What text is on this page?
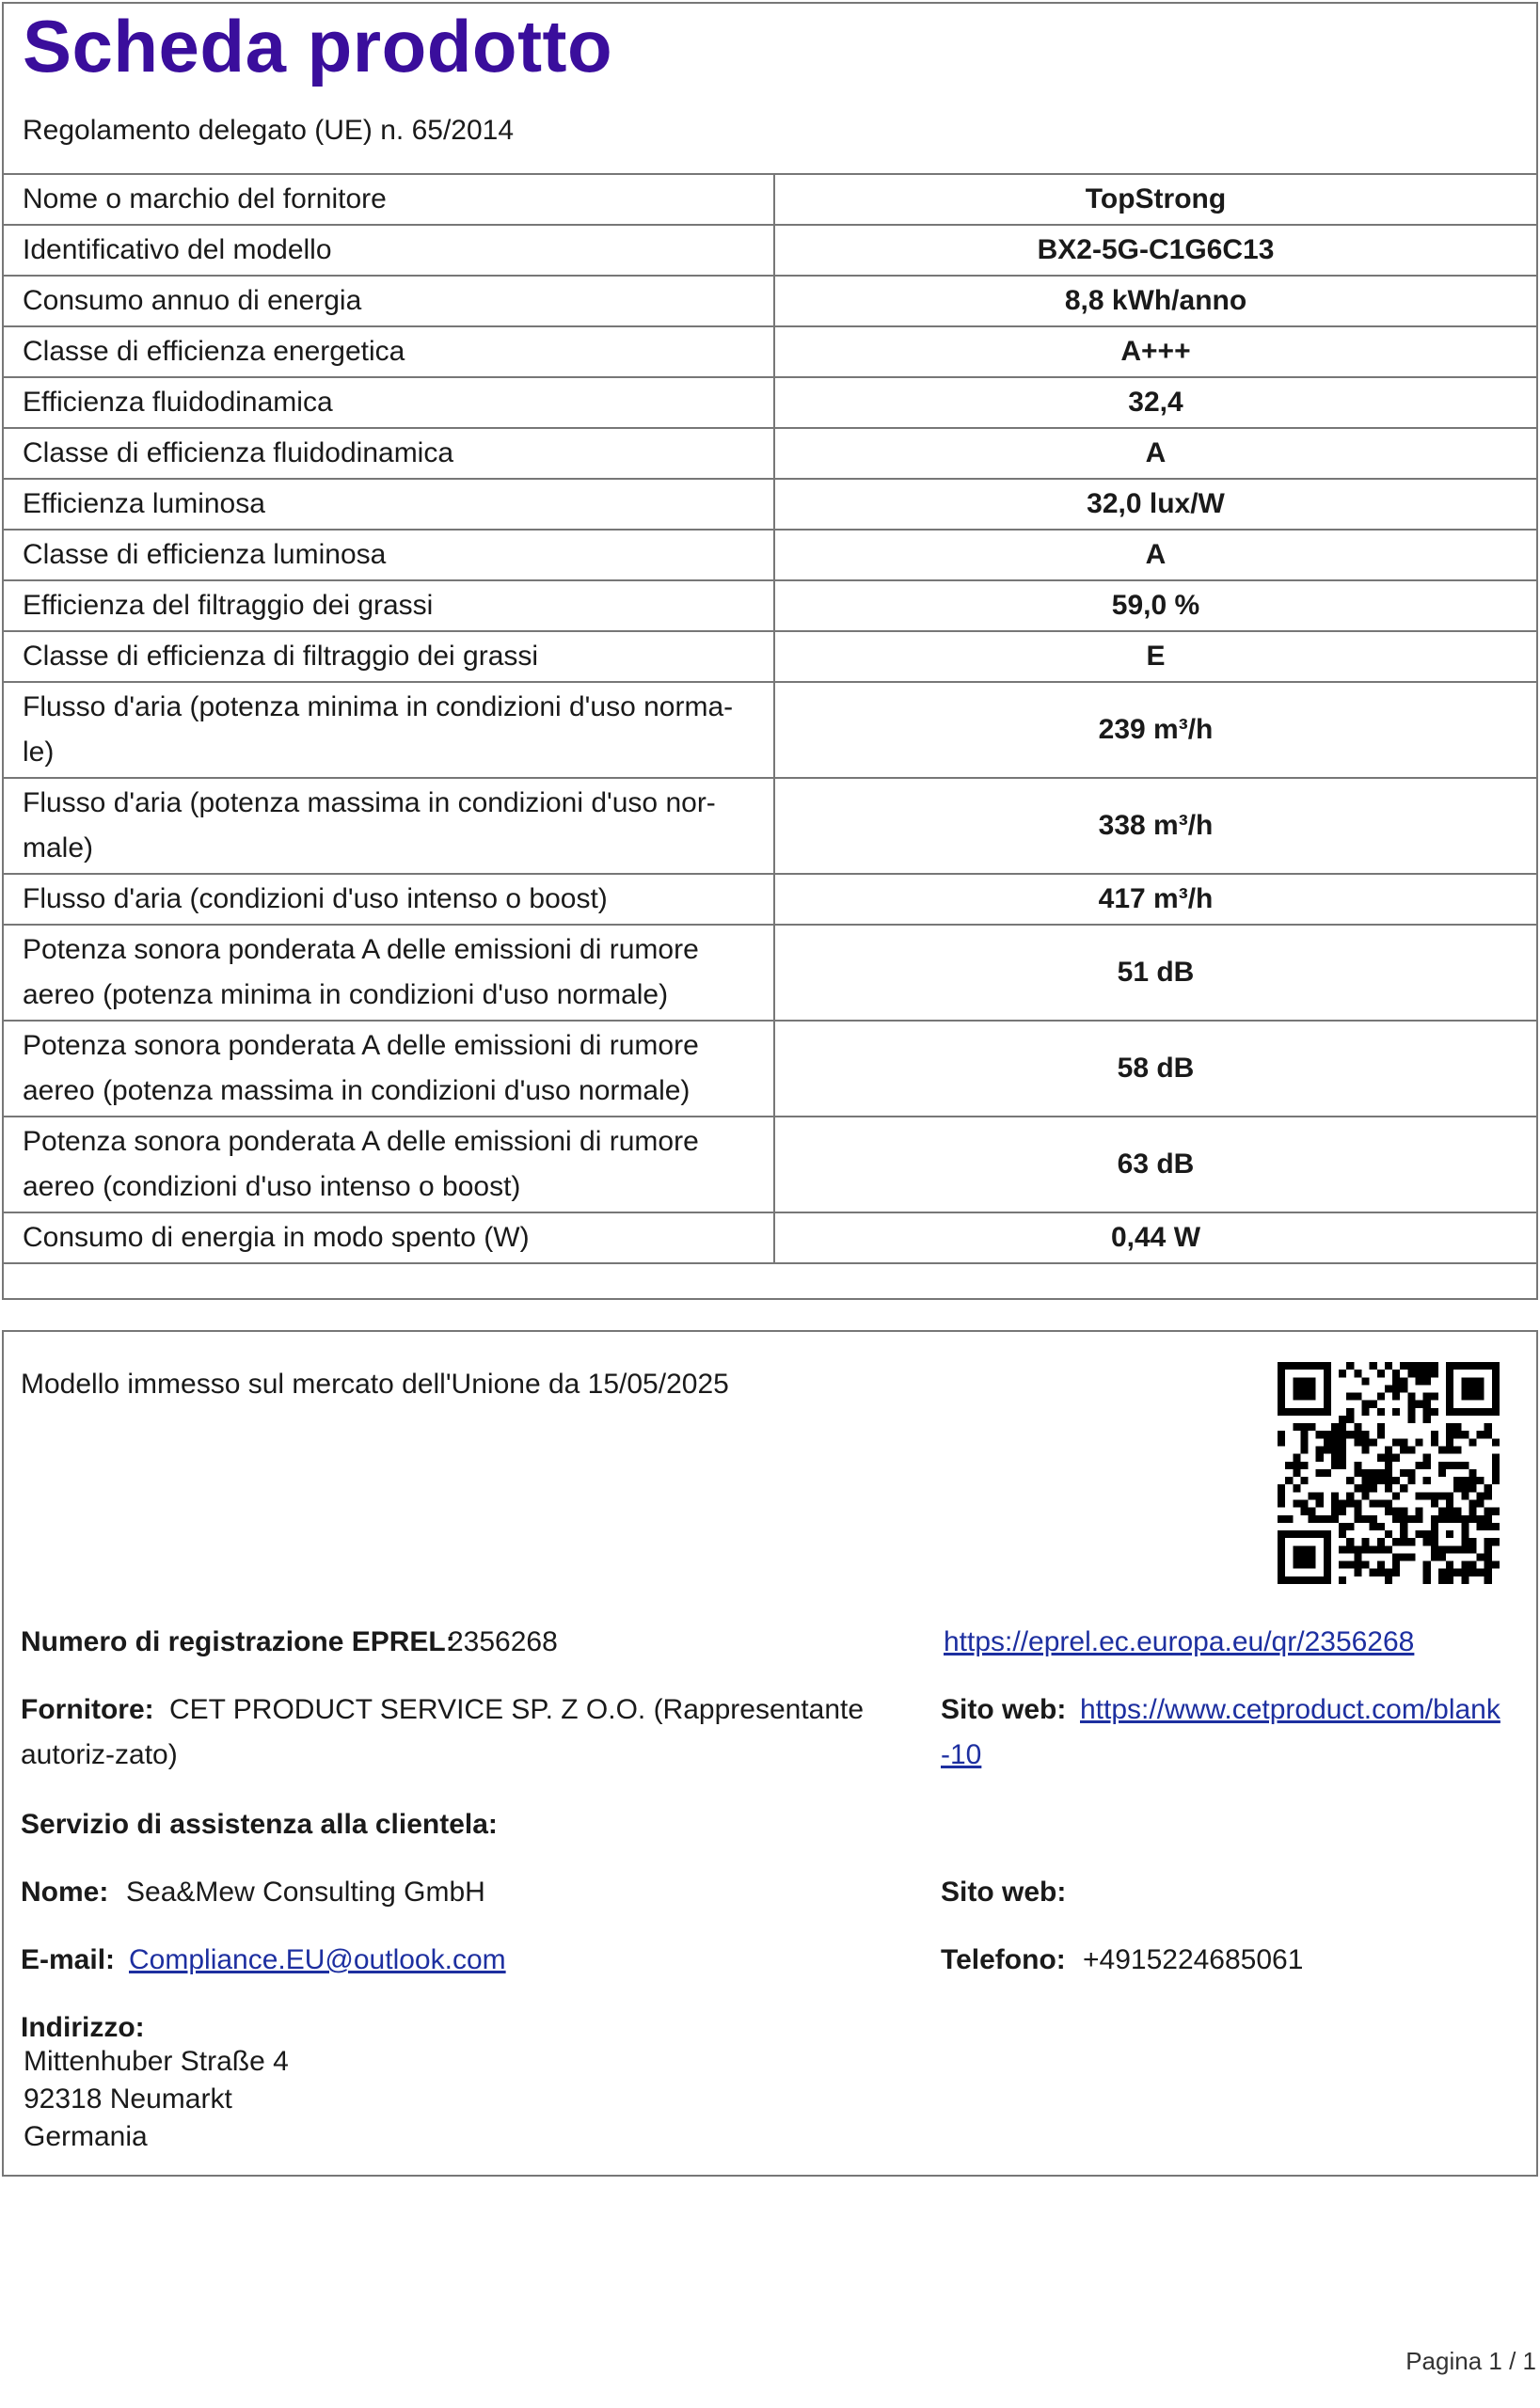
Scheda prodotto
Regolamento delegato (UE) n. 65/2014
Nome o marchio del fornitore	TopStrong
Identificativo del modello	BX2-5G-C1G6C13
Consumo annuo di energia	8,8 kWh/anno
Classe di efficienza energetica	A+++
Efficienza fluidodinamica	32,4
Classe di efficienza fluidodinamica	A
Efficienza luminosa	32,0 lux/W
Classe di efficienza luminosa	A
Efficienza del filtraggio dei grassi	59,0 %
Classe di efficienza di filtraggio dei grassi	E
Flusso d'aria (potenza minima in condizioni d'uso norma-le)	239 m³/h
Flusso d'aria (potenza massima in condizioni d'uso nor-male)	338 m³/h
Flusso d'aria (condizioni d'uso intenso o boost)	417 m³/h
Potenza sonora ponderata A delle emissioni di rumore aereo (potenza minima in condizioni d'uso normale)	51 dB
Potenza sonora ponderata A delle emissioni di rumore aereo (potenza massima in condizioni d'uso normale)	58 dB
Potenza sonora ponderata A delle emissioni di rumore aereo (condizioni d'uso intenso o boost)	63 dB
Consumo di energia in modo spento (W)	0,44 W
Modello immesso sul mercato dell'Unione da 15/05/2025
Numero di registrazione EPREL:
2356268	https://eprel.ec.europa.eu/qr/2356268
Fornitore: CET PRODUCT SERVICE SP. Z O.O. (Rappresentante autoriz-zato)
Sito web: https://www.cetproduct.com/blank-10
Servizio di assistenza alla clientela:
Nome: Sea&Mew Consulting GmbH	Sito web:
E-mail: Compliance.EU@outlook.com	Telefono: +4915224685061
Indirizzo:
Mittenhuber Straße 4
92318 Neumarkt
Germania
Pagina 1 / 1
